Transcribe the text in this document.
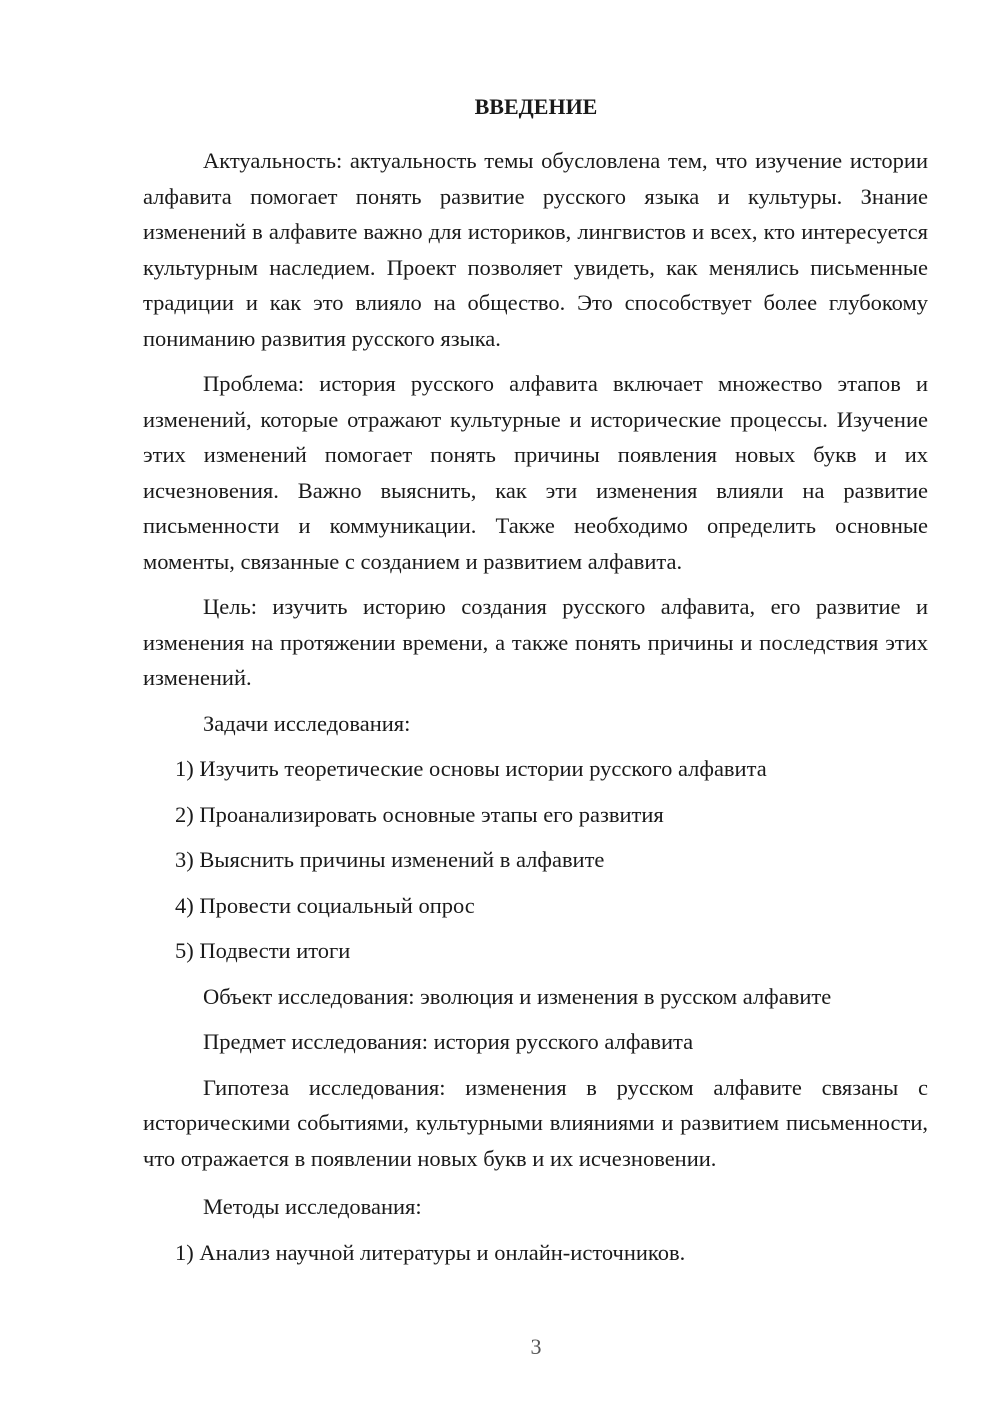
ВВЕДЕНИЕ

Актуальность: актуальность темы обусловлена тем, что изучение истории алфавита помогает понять развитие русского языка и культуры. Знание изменений в алфавите важно для историков, лингвистов и всех, кто интересуется культурным наследием. Проект позволяет увидеть, как менялись письменные традиции и как это влияло на общество. Это способствует более глубокому пониманию развития русского языка.

Проблема: история русского алфавита включает множество этапов и изменений, которые отражают культурные и исторические процессы. Изучение этих изменений помогает понять причины появления новых букв и их исчезновения. Важно выяснить, как эти изменения влияли на развитие письменности и коммуникации. Также необходимо определить основные моменты, связанные с созданием и развитием алфавита.

Цель: изучить историю создания русского алфавита, его развитие и изменения на протяжении времени, а также понять причины и последствия этих изменений.

Задачи исследования:

1) Изучить теоретические основы истории русского алфавита

2) Проанализировать основные этапы его развития

3) Выяснить причины изменений в алфавите

4) Провести социальный опрос

5) Подвести итоги

Объект исследования: эволюция и изменения в русском алфавите

Предмет исследования: история русского алфавита

Гипотеза исследования: изменения в русском алфавите связаны с историческими событиями, культурными влияниями и развитием письменности, что отражается в появлении новых букв и их исчезновении.

Методы исследования:

1) Анализ научной литературы и онлайн-источников.

3
